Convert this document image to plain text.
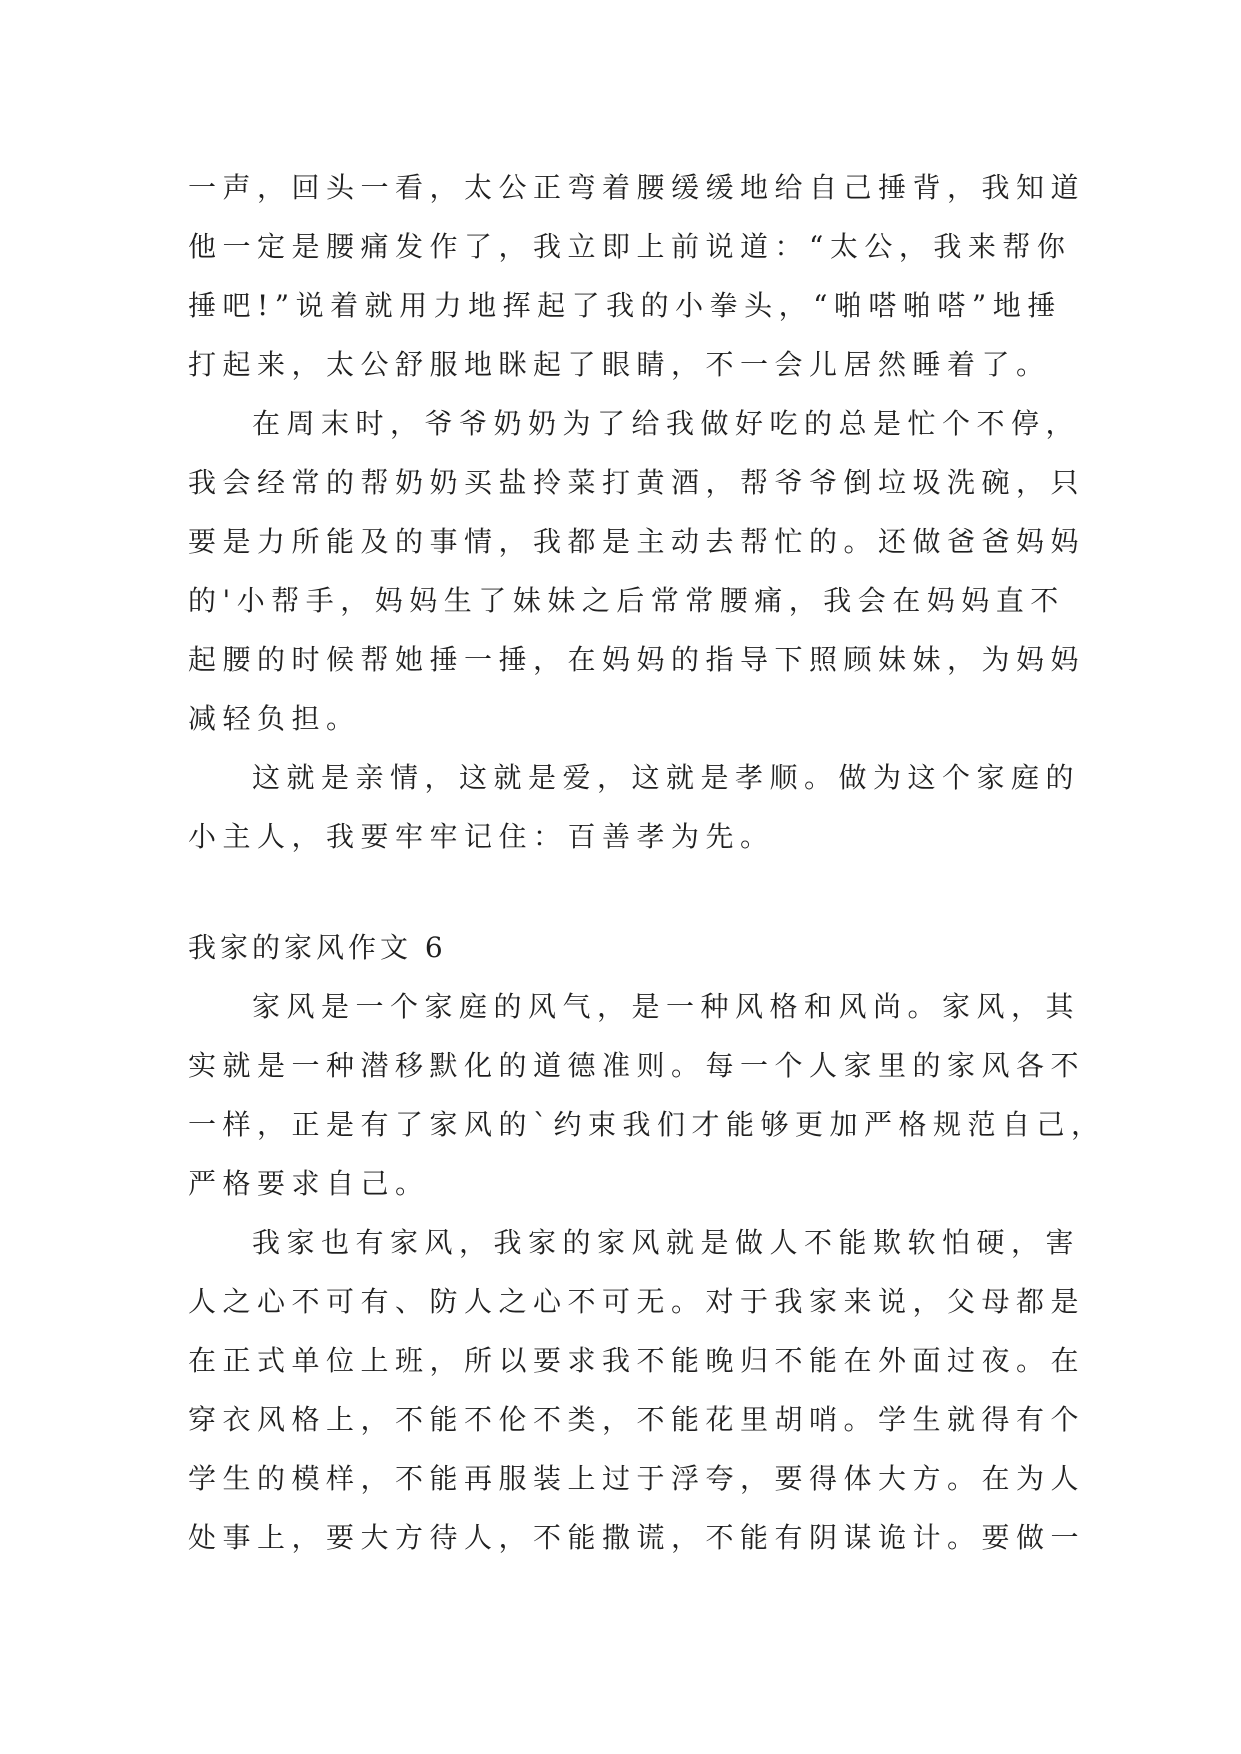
一声，回头一看，太公正弯着腰缓缓地给自己捶背，我知道
他一定是腰痛发作了，我立即上前说道：“太公，我来帮你
捶吧!”说着就用力地挥起了我的小拳头，“啪嗒啪嗒”地捶
打起来，太公舒服地眯起了眼睛，不一会儿居然睡着了。
在周末时，爷爷奶奶为了给我做好吃的总是忙个不停，
我会经常的帮奶奶买盐拎菜打黄酒，帮爷爷倒垃圾洗碗，只
要是力所能及的事情，我都是主动去帮忙的。还做爸爸妈妈
的'小帮手，妈妈生了妹妹之后常常腰痛，我会在妈妈直不
起腰的时候帮她捶一捶，在妈妈的指导下照顾妹妹，为妈妈
减轻负担。
这就是亲情，这就是爱，这就是孝顺。做为这个家庭的
小主人，我要牢牢记住：百善孝为先。
我家的家风作文 6
家风是一个家庭的风气，是一种风格和风尚。家风，其
实就是一种潜移默化的道德准则。每一个人家里的家风各不
一样，正是有了家风的`约束我们才能够更加严格规范自己，
严格要求自己。
我家也有家风，我家的家风就是做人不能欺软怕硬，害
人之心不可有、防人之心不可无。对于我家来说，父母都是
在正式单位上班，所以要求我不能晚归不能在外面过夜。在
穿衣风格上，不能不伦不类，不能花里胡哨。学生就得有个
学生的模样，不能再服装上过于浮夸，要得体大方。在为人
处事上，要大方待人，不能撒谎，不能有阴谋诡计。要做一
